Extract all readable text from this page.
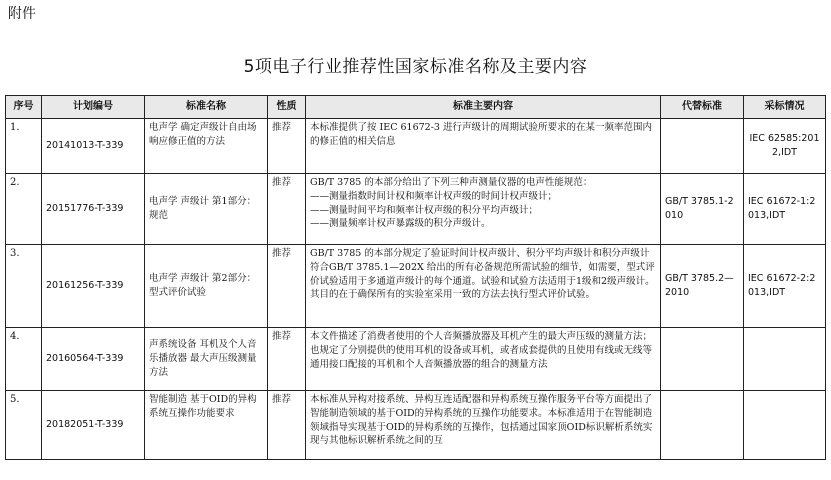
附件
5项电子行业推荐性国家标准名称及主要内容
序号	计划编号	标准名称	性质	标准主要内容	代替标准	采标情况
1.	20141013-T-339	电声学 确定声级计自由场响应修正值的方法	推荐	本标准提供了按 IEC 61672-3 进行声级计的周期试验所要求的在某一频率范围内的修正值的相关信息		IEC 62585:2012,IDT
2.	20151776-T-339	电声学 声级计 第1部分：规范	推荐	GB/T 3785 的本部分给出了下列三种声测量仪器的电声性能规范：
——测量指数时间计权和频率计权声级的时间计权声级计；
——测量时间平均和频率计权声级的积分平均声级计；
——测量频率计权声暴露级的积分声级计。	GB/T 3785.1-2010	IEC 61672-1:2013,IDT
3.	20161256-T-339	电声学 声级计 第2部分：型式评价试验	推荐	GB/T 3785 的本部分规定了验证时间计权声级计、积分平均声级计和积分声级计符合GB/T 3785.1—202X 给出的所有必备规范所需试验的细节，如需要，型式评价试验适用于多通道声级计的每个通道。试验和试验方法适用于1级和2级声级计。其目的在于确保所有的实验室采用一致的方法去执行型式评价试验。	GB/T 3785.2—2010	IEC 61672-2:2013,IDT
4.	20160564-T-339	声系统设备 耳机及个人音乐播放器 最大声压级测量方法	推荐	本文件描述了消费者使用的个人音频播放器及耳机产生的最大声压级的测量方法；也规定了分别提供的使用耳机的设备或耳机，或者成套提供的且使用有线或无线等通用接口配接的耳机和个人音频播放器的组合的测量方法		

5.	20182051-T-339	智能制造 基于OID的异构系统互操作功能要求	推荐	本标准从异构对接系统、异构互连适配器和异构系统互操作服务平台等方面提出了智能制造领域的基于OID的异构系统的互操作功能要求。本标准适用于在智能制造领域指导实现基于OID的异构系统的互操作，包括通过国家顶OID标识解析系统实现与其他标识解析系统之间的互		
